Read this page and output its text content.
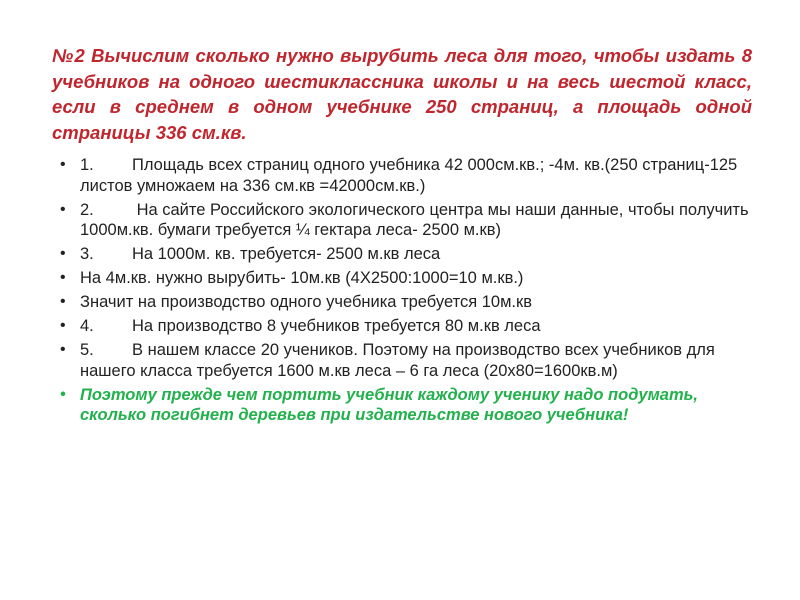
№2 Вычислим сколько нужно вырубить леса для того, чтобы издать 8 учебников на одного шестиклассника школы и на весь шестой класс, если в среднем в одном учебнике 250 страниц, а площадь одной страницы 336 см.кв.

• 1. Площадь всех страниц одного учебника 42 000см.кв.; -4м. кв.(250 страниц-125 листов умножаем на 336 см.кв =42000см.кв.)
• 2. На сайте Российского экологического центра мы наши данные, чтобы получить 1000м.кв. бумаги требуется ¼ гектара леса- 2500 м.кв)
• 3. На 1000м. кв. требуется- 2500 м.кв леса
• На 4м.кв. нужно вырубить- 10м.кв (4Х2500:1000=10 м.кв.)
• Значит на производство одного учебника требуется 10м.кв
• 4. На производство 8 учебников требуется 80 м.кв леса
• 5. В нашем классе 20 учеников. Поэтому на производство всех учебников для нашего класса требуется 1600 м.кв леса – 6 га леса (20х80=1600кв.м)
• Поэтому прежде чем портить учебник каждому ученику надо подумать, сколько погибнет деревьев при издательстве нового учебника!
